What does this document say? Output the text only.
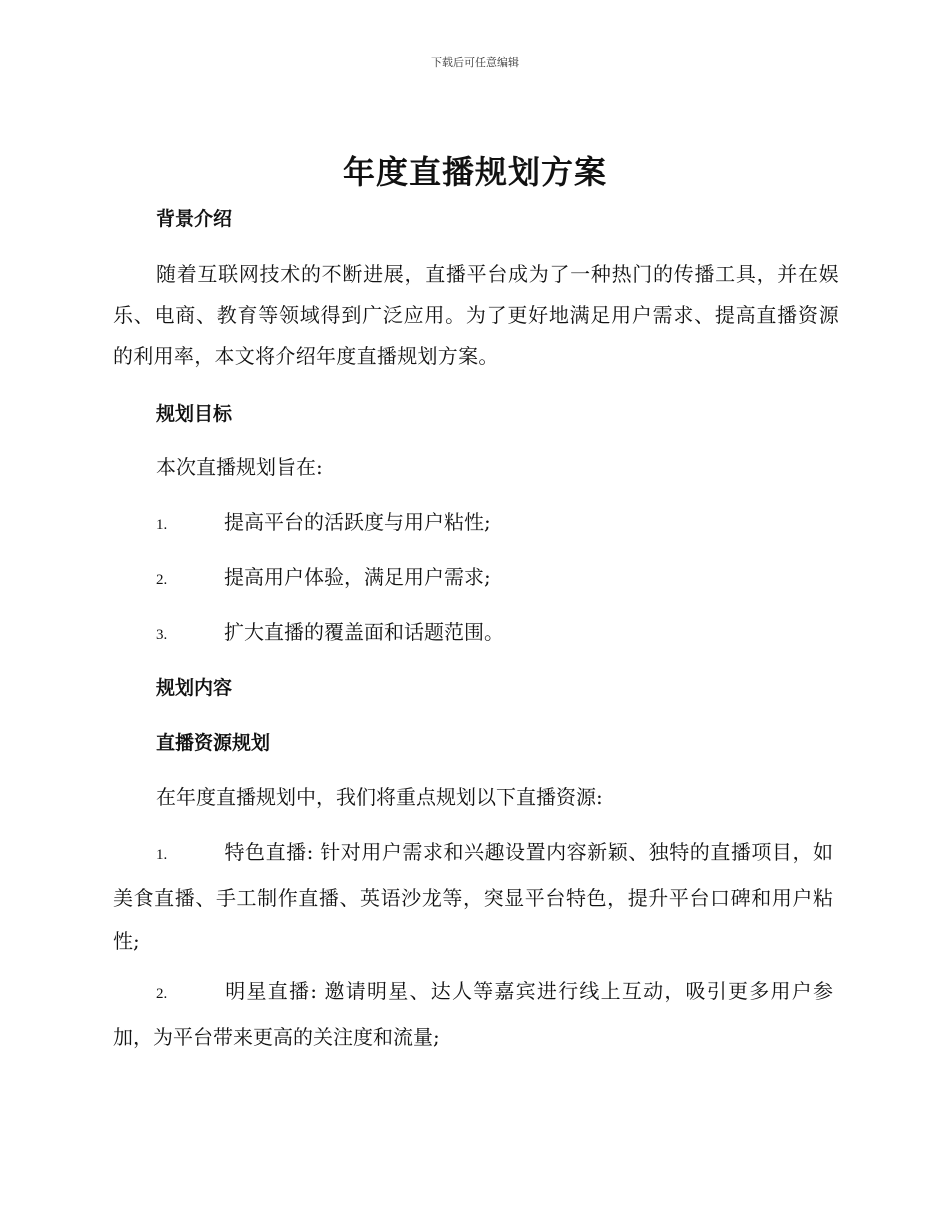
下载后可任意编辑
年度直播规划方案
背景介绍
随着互联网技术的不断进展，直播平台成为了一种热门的传播工具，并在娱乐、电商、教育等领域得到广泛应用。为了更好地满足用户需求、提高直播资源的利用率，本文将介绍年度直播规划方案。
规划目标
本次直播规划旨在:
1.	提高平台的活跃度与用户粘性;
2.	提高用户体验，满足用户需求;
3.	扩大直播的覆盖面和话题范围。
规划内容
直播资源规划
在年度直播规划中，我们将重点规划以下直播资源:
1.	特色直播: 针对用户需求和兴趣设置内容新颖、独特的直播项目，如美食直播、手工制作直播、英语沙龙等，突显平台特色，提升平台口碑和用户粘性;
2.	明星直播: 邀请明星、达人等嘉宾进行线上互动，吸引更多用户参加，为平台带来更高的关注度和流量;
